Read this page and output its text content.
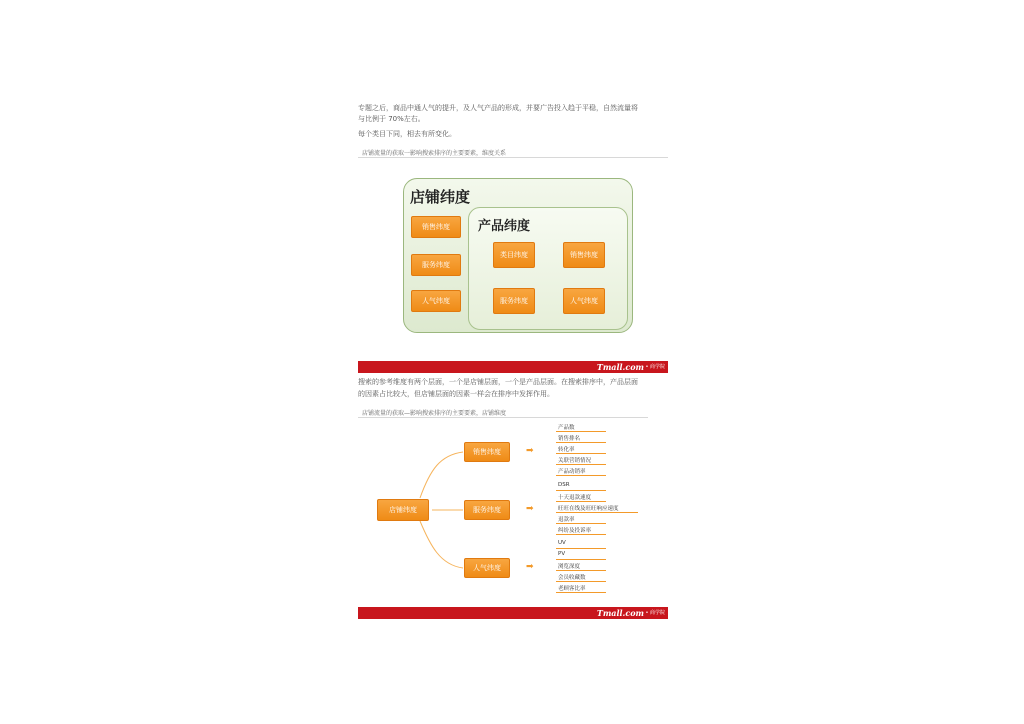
专题之后，商品中通人气的提升，及人气产品的形成，并要广告投入趋于平稳，自然流量将
与比例于 70%左右。
每个类目下同，相去有所变化。
店铺流量的获取一影响搜索排序的主要要素，维度关系
店铺纬度
销售纬度
服务纬度
人气纬度
产品纬度
类目纬度	销售纬度
服务纬度	人气纬度
Tmall.com • 商学院
搜索的参考维度有两个层面，一个是店铺层面，一个是产品层面。在搜索排序中，产品层面
的因素占比较大，但店铺层面的因素一样会在排序中发挥作用。
店铺流量的获取—影响搜索排序的主要要素，店铺维度
店铺纬度
销售纬度
服务纬度
人气纬度
➡
➡
➡
产品数
销售排名
转化率
关联营销情况
产品动销率
DSR
十天退款速度
旺旺在线及旺旺响应速度
退款率
纠纷及投诉率
UV
PV
浏览深度
会员收藏数
老顾客比率
Tmall.com • 商学院
